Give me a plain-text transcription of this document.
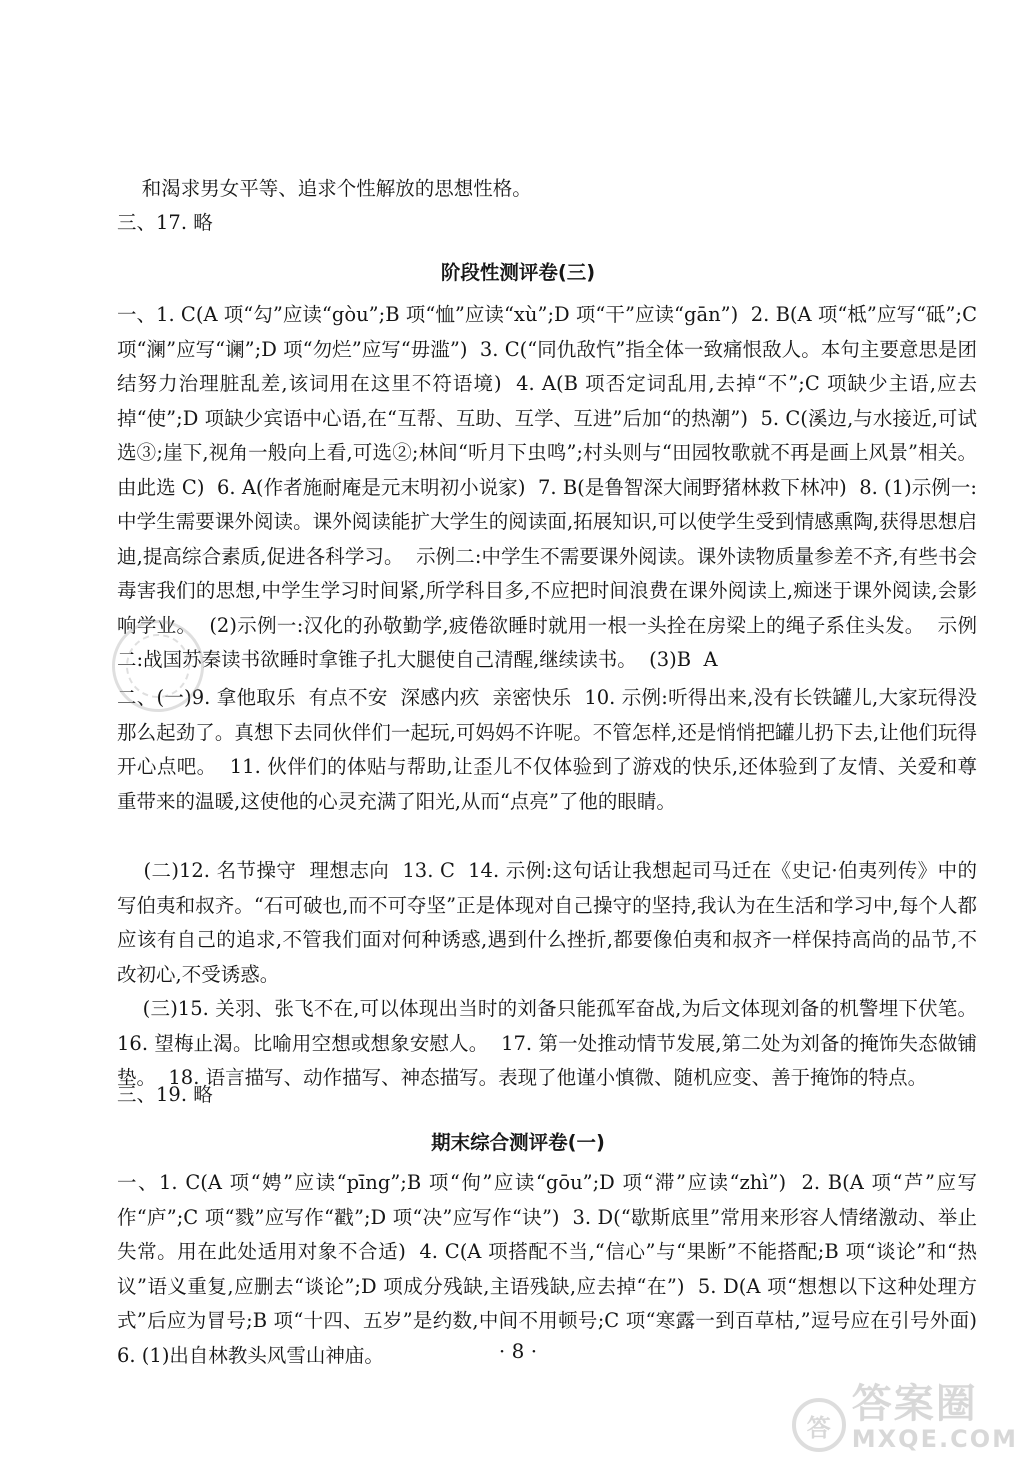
和渴求男女平等、追求个性解放的思想性格。

三、17. 略

阶段性测评卷(三)

一、1. C(A 项“勾”应读“gòu”;B 项“恤”应读“xù”;D 项“干”应读“gān”)  2. B(A 项“柢”应写“砥”;C 项“澜”应写“谰”;D 项“勿烂”应写“毋滥”)  3. C(“同仇敌忾”指全体一致痛恨敌人。本句主要意思是团结努力治理脏乱差,该词用在这里不符语境)  4. A(B 项否定词乱用,去掉“不”;C 项缺少主语,应去掉“使”;D 项缺少宾语中心语,在“互帮、互助、互学、互进”后加“的热潮”)  5. C(溪边,与水接近,可试选③;崖下,视角一般向上看,可选②;林间“听月下虫鸣”;村头则与“田园牧歌就不再是画上风景”相关。由此选 C)  6. A(作者施耐庵是元末明初小说家)  7. B(是鲁智深大闹野猪林救下林冲)  8. (1)示例一:中学生需要课外阅读。课外阅读能扩大学生的阅读面,拓展知识,可以使学生受到情感熏陶,获得思想启迪,提高综合素质,促进各科学习。  示例二:中学生不需要课外阅读。课外读物质量参差不齐,有些书会毒害我们的思想,中学生学习时间紧,所学科目多,不应把时间浪费在课外阅读上,痴迷于课外阅读,会影响学业。  (2)示例一:汉化的孙敬勤学,疲倦欲睡时就用一根一头拴在房梁上的绳子系住头发。  示例二:战国苏秦读书欲睡时拿锥子扎大腿使自己清醒,继续读书。  (3)B  A

二、(一)9. 拿他取乐  有点不安  深感内疚  亲密快乐  10. 示例:听得出来,没有长铁罐儿,大家玩得没那么起劲了。真想下去同伙伴们一起玩,可妈妈不许呢。不管怎样,还是悄悄把罐儿扔下去,让他们玩得开心点吧。  11. 伙伴们的体贴与帮助,让歪儿不仅体验到了游戏的快乐,还体验到了友情、关爱和尊重带来的温暖,这使他的心灵充满了阳光,从而“点亮”了他的眼睛。

(二)12. 名节操守  理想志向  13. C  14. 示例:这句话让我想起司马迁在《史记·伯夷列传》中的写伯夷和叔齐。“石可破也,而不可夺坚”正是体现对自己操守的坚持,我认为在生活和学习中,每个人都应该有自己的追求,不管我们面对何种诱惑,遇到什么挫折,都要像伯夷和叔齐一样保持高尚的品节,不改初心,不受诱惑。

(三)15. 关羽、张飞不在,可以体现出当时的刘备只能孤军奋战,为后文体现刘备的机警埋下伏笔。  16. 望梅止渴。比喻用空想或想象安慰人。  17. 第一处推动情节发展,第二处为刘备的掩饰失态做铺垫。  18. 语言描写、动作描写、神态描写。表现了他谨小慎微、随机应变、善于掩饰的特点。

三、19. 略

期末综合测评卷(一)

一、1. C(A 项“娉”应读“pīng”;B 项“佝”应读“gōu”;D 项“滞”应读“zhì”)  2. B(A 项“芦”应写作“庐”;C 项“戮”应写作“戳”;D 项“决”应写作“诀”)  3. D(“歇斯底里”常用来形容人情绪激动、举止失常。用在此处适用对象不合适)  4. C(A 项搭配不当,“信心”与“果断”不能搭配;B 项“谈论”和“热议”语义重复,应删去“谈论”;D 项成分残缺,主语残缺,应去掉“在”)  5. D(A 项“想想以下这种处理方式”后应为冒号;B 项“十四、五岁”是约数,中间不用顿号;C 项“寒露一到百草枯,”逗号应在引号外面)  6. (1)出自林教头风雪山神庙。	· 8 ·
答
答案圈
MXQE.COM
